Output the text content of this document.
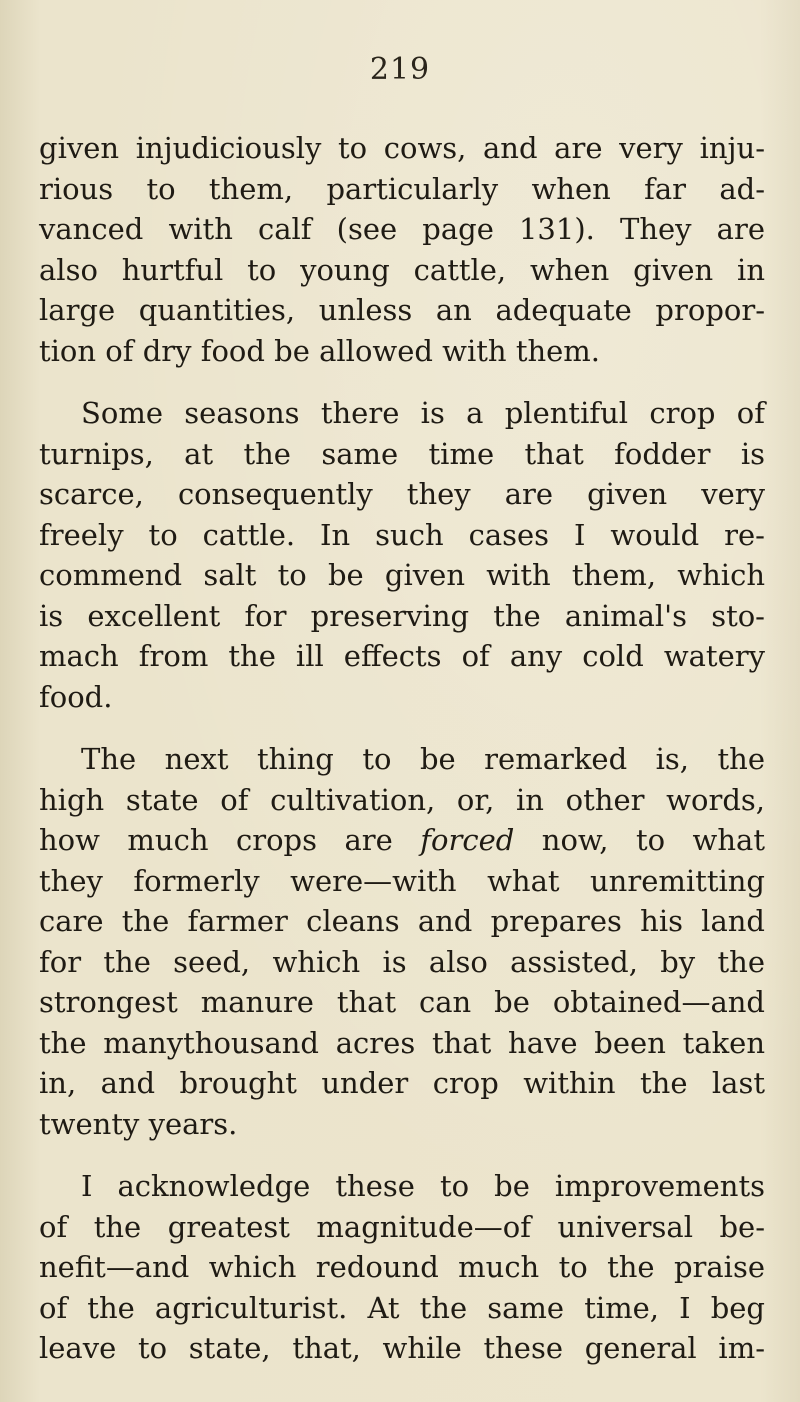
219

given injudiciously to cows, and are very inju-
rious to them, particularly when far ad-
vanced with calf (see page 131). They are
also hurtful to young cattle, when given in
large quantities, unless an adequate propor-
tion of dry food be allowed with them.

Some seasons there is a plentiful crop of
turnips, at the same time that fodder is
scarce, consequently they are given very
freely to cattle. In such cases I would re-
commend salt to be given with them, which
is excellent for preserving the animal's sto-
mach from the ill effects of any cold watery
food.

The next thing to be remarked is, the
high state of cultivation, or, in other words,
how much crops are forced now, to what
they formerly were—with what unremitting
care the farmer cleans and prepares his land
for the seed, which is also assisted, by the
strongest manure that can be obtained—and
the manythousand acres that have been taken
in, and brought under crop within the last
twenty years.

I acknowledge these to be improvements
of the greatest magnitude—of universal be-
nefit—and which redound much to the praise
of the agriculturist. At the same time, I beg
leave to state, that, while these general im-
